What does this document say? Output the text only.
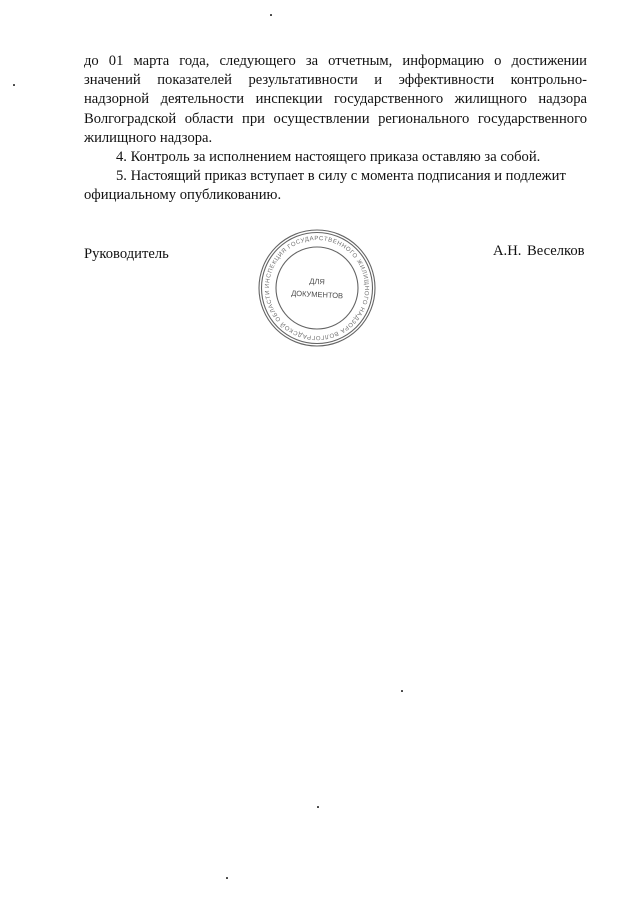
до 01 марта года, следующего за отчетным, информацию о достижении значений показателей результативности и эффективности контрольно-надзорной деятельности инспекции государственного жилищного надзора Волгоградской области при осуществлении регионального государственного жилищного надзора.

4. Контроль за исполнением настоящего приказа оставляю за собой.

5. Настоящий приказ вступает в силу с момента подписания и подлежит официальному опубликованию.

Руководитель	А.Н. Веселков
ИНСПЕКЦИЯ ГОСУДАРСТВЕННОГО ЖИЛИЩНОГО НАДЗОРА ВОЛГОГРАДСКОЙ ОБЛАСТИ
ДЛЯ
ДОКУМЕНТОВ
